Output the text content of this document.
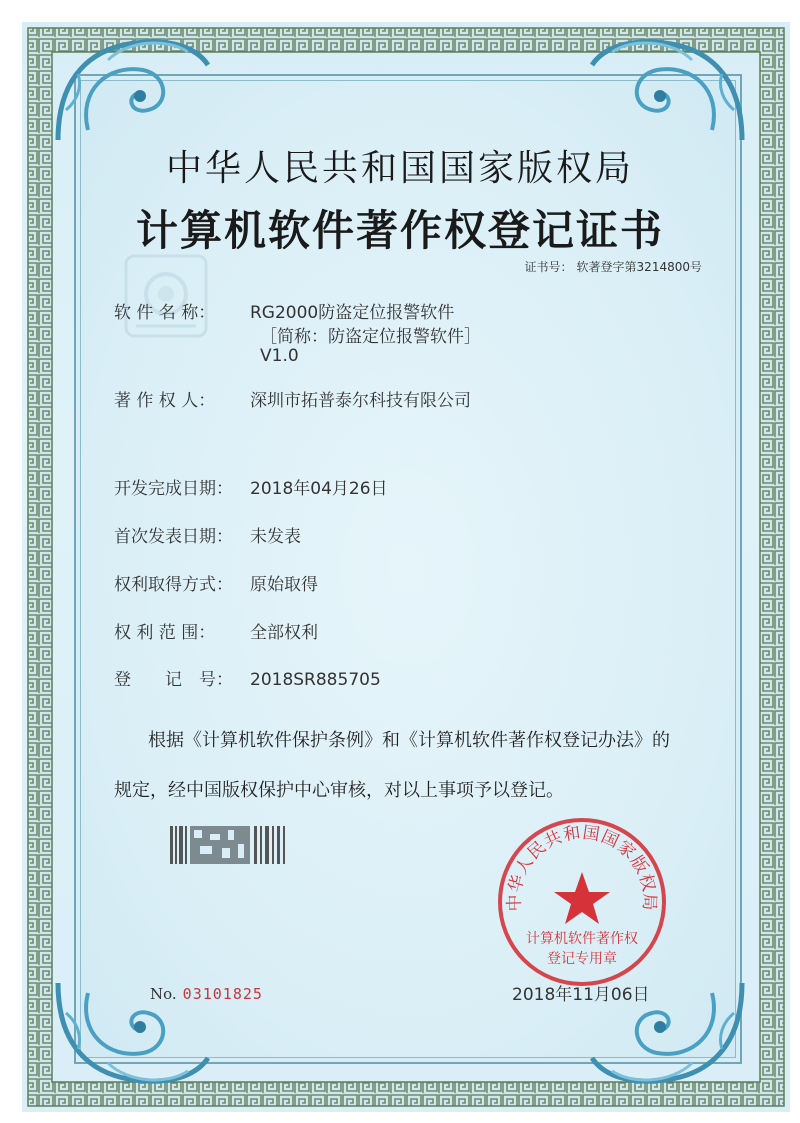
中华人民共和国国家版权局
计算机软件著作权登记证书
证书号： 软著登字第3214800号
软 件 名 称： RG2000防盗定位报警软件
［简称：防盗定位报警软件］
V1.0
著 作 权 人： 深圳市拓普泰尔科技有限公司
开发完成日期： 2018年04月26日
首次发表日期： 未发表
权利取得方式： 原始取得
权 利 范 围： 全部权利
登　　记　号： 2018SR885705
根据《计算机软件保护条例》和《计算机软件著作权登记办法》的
规定，经中国版权保护中心审核，对以上事项予以登记。
No. 03101825	2018年11月06日
中华人民共和国国家版权局
计算机软件著作权
登记专用章
